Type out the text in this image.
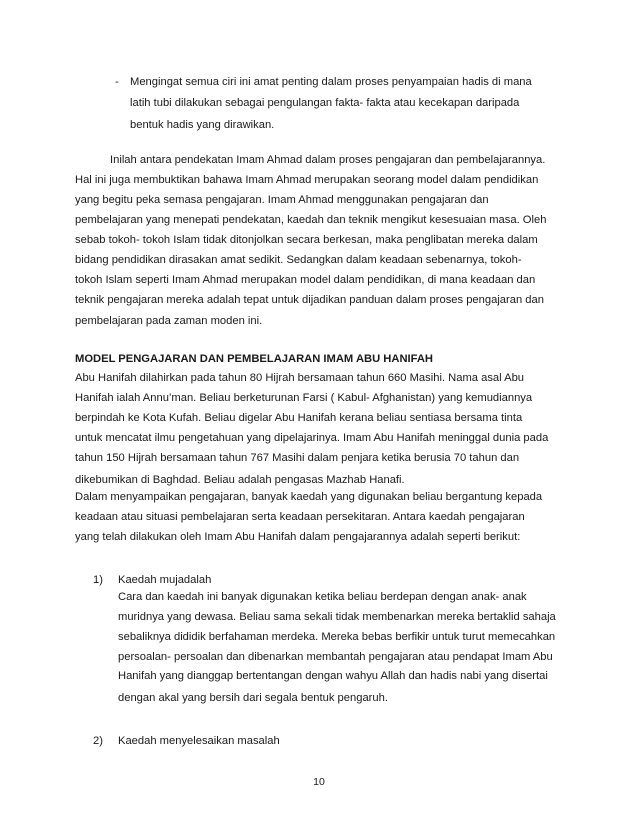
- Mengingat semua ciri ini amat penting dalam proses penyampaian hadis di mana
latih tubi dilakukan sebagai pengulangan fakta- fakta atau kecekapan daripada
bentuk hadis yang dirawikan.
Inilah antara pendekatan Imam Ahmad dalam proses pengajaran dan pembelajarannya.
Hal ini juga membuktikan bahawa Imam Ahmad merupakan seorang model dalam pendidikan
yang begitu peka semasa pengajaran. Imam Ahmad menggunakan pengajaran dan
pembelajaran yang menepati pendekatan, kaedah dan teknik mengikut kesesuaian masa. Oleh
sebab tokoh- tokoh Islam tidak ditonjolkan secara berkesan, maka penglibatan mereka dalam
bidang pendidikan dirasakan amat sedikit. Sedangkan dalam keadaan sebenarnya, tokoh-
tokoh Islam seperti Imam Ahmad merupakan model dalam pendidikan, di mana keadaan dan
teknik pengajaran mereka adalah tepat untuk dijadikan panduan dalam proses pengajaran dan
pembelajaran pada zaman moden ini.
MODEL PENGAJARAN DAN PEMBELAJARAN IMAM ABU HANIFAH
Abu Hanifah dilahirkan pada tahun 80 Hijrah bersamaan tahun 660 Masihi. Nama asal Abu
Hanifah ialah Annu’man. Beliau berketurunan Farsi ( Kabul- Afghanistan) yang kemudiannya
berpindah ke Kota Kufah. Beliau digelar Abu Hanifah kerana beliau sentiasa bersama tinta
untuk mencatat ilmu pengetahuan yang dipelajarinya. Imam Abu Hanifah meninggal dunia pada
tahun 150 Hijrah bersamaan tahun 767 Masihi dalam penjara ketika berusia 70 tahun dan
dikebumikan di Baghdad. Beliau adalah pengasas Mazhab Hanafi.
Dalam menyampaikan pengajaran, banyak kaedah yang digunakan beliau bergantung kepada
keadaan atau situasi pembelajaran serta keadaan persekitaran. Antara kaedah pengajaran
yang telah dilakukan oleh Imam Abu Hanifah dalam pengajarannya adalah seperti berikut:
1) Kaedah mujadalah
Cara dan kaedah ini banyak digunakan ketika beliau berdepan dengan anak- anak
muridnya yang dewasa. Beliau sama sekali tidak membenarkan mereka bertaklid sahaja
sebaliknya dididik berfahaman merdeka. Mereka bebas berfikir untuk turut memecahkan
persoalan- persoalan dan dibenarkan membantah pengajaran atau pendapat Imam Abu
Hanifah yang dianggap bertentangan dengan wahyu Allah dan hadis nabi yang disertai
dengan akal yang bersih dari segala bentuk pengaruh.
10
2) Kaedah menyelesaikan masalah
